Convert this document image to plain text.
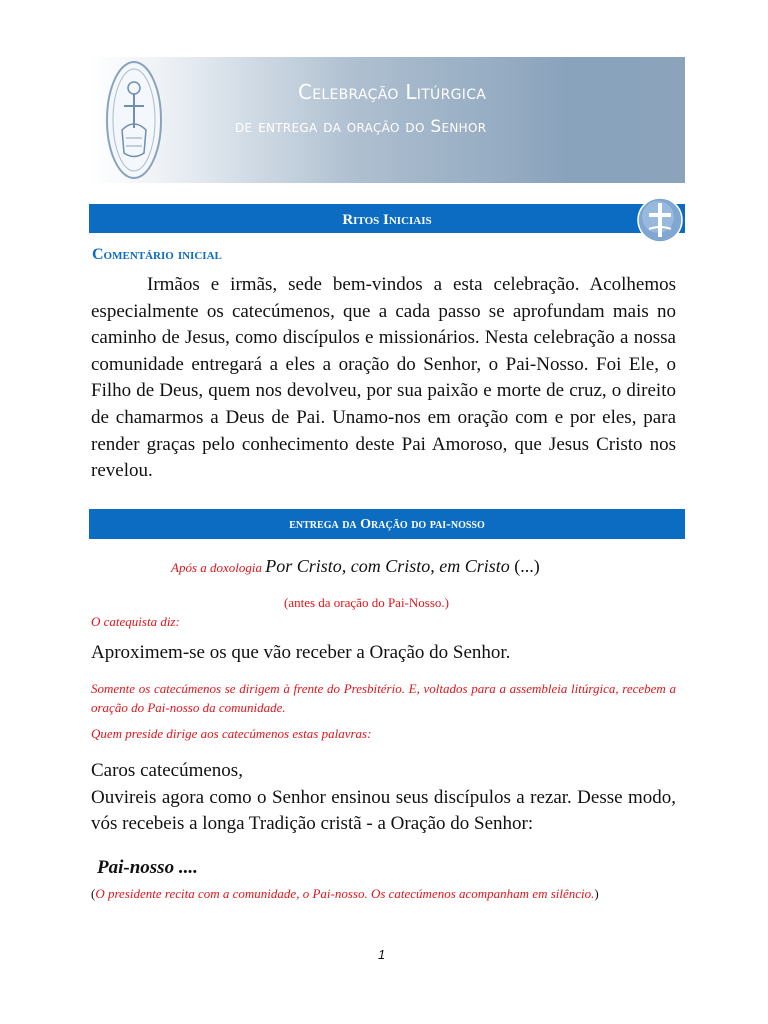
Celebração Litúrgica
de entrega da oração do Senhor
Ritos Iniciais
Comentário inicial
Irmãos e irmãs, sede bem-vindos a esta celebração. Acolhemos especialmente os catecúmenos, que a cada passo se aprofundam mais no caminho de Jesus, como discípulos e missionários. Nesta celebração a nossa comunidade entregará a eles a oração do Senhor, o Pai-Nosso. Foi Ele, o Filho de Deus, quem nos devolveu, por sua paixão e morte de cruz, o direito de chamarmos a Deus de Pai. Unamo-nos em oração com e por eles, para render graças pelo conhecimento deste Pai Amoroso, que Jesus Cristo nos revelou.
entrega da Oração do pai-nosso
Após a doxologia Por Cristo, com Cristo, em Cristo (...)
(antes da oração do Pai-Nosso.)
O catequista diz:
Aproximem-se os que vão receber a Oração do Senhor.
Somente os catecúmenos se dirigem à frente do Presbitério. E, voltados para a assembleia litúrgica, recebem a oração do Pai-nosso da comunidade.
Quem preside dirige aos catecúmenos estas palavras:
Caros catecúmenos,
Ouvireis agora como o Senhor ensinou seus discípulos a rezar. Desse modo, vós recebeis a longa Tradição cristã - a Oração do Senhor:
Pai-nosso ....
(O presidente recita com a comunidade, o Pai-nosso. Os catecúmenos acompanham em silêncio.)
1
